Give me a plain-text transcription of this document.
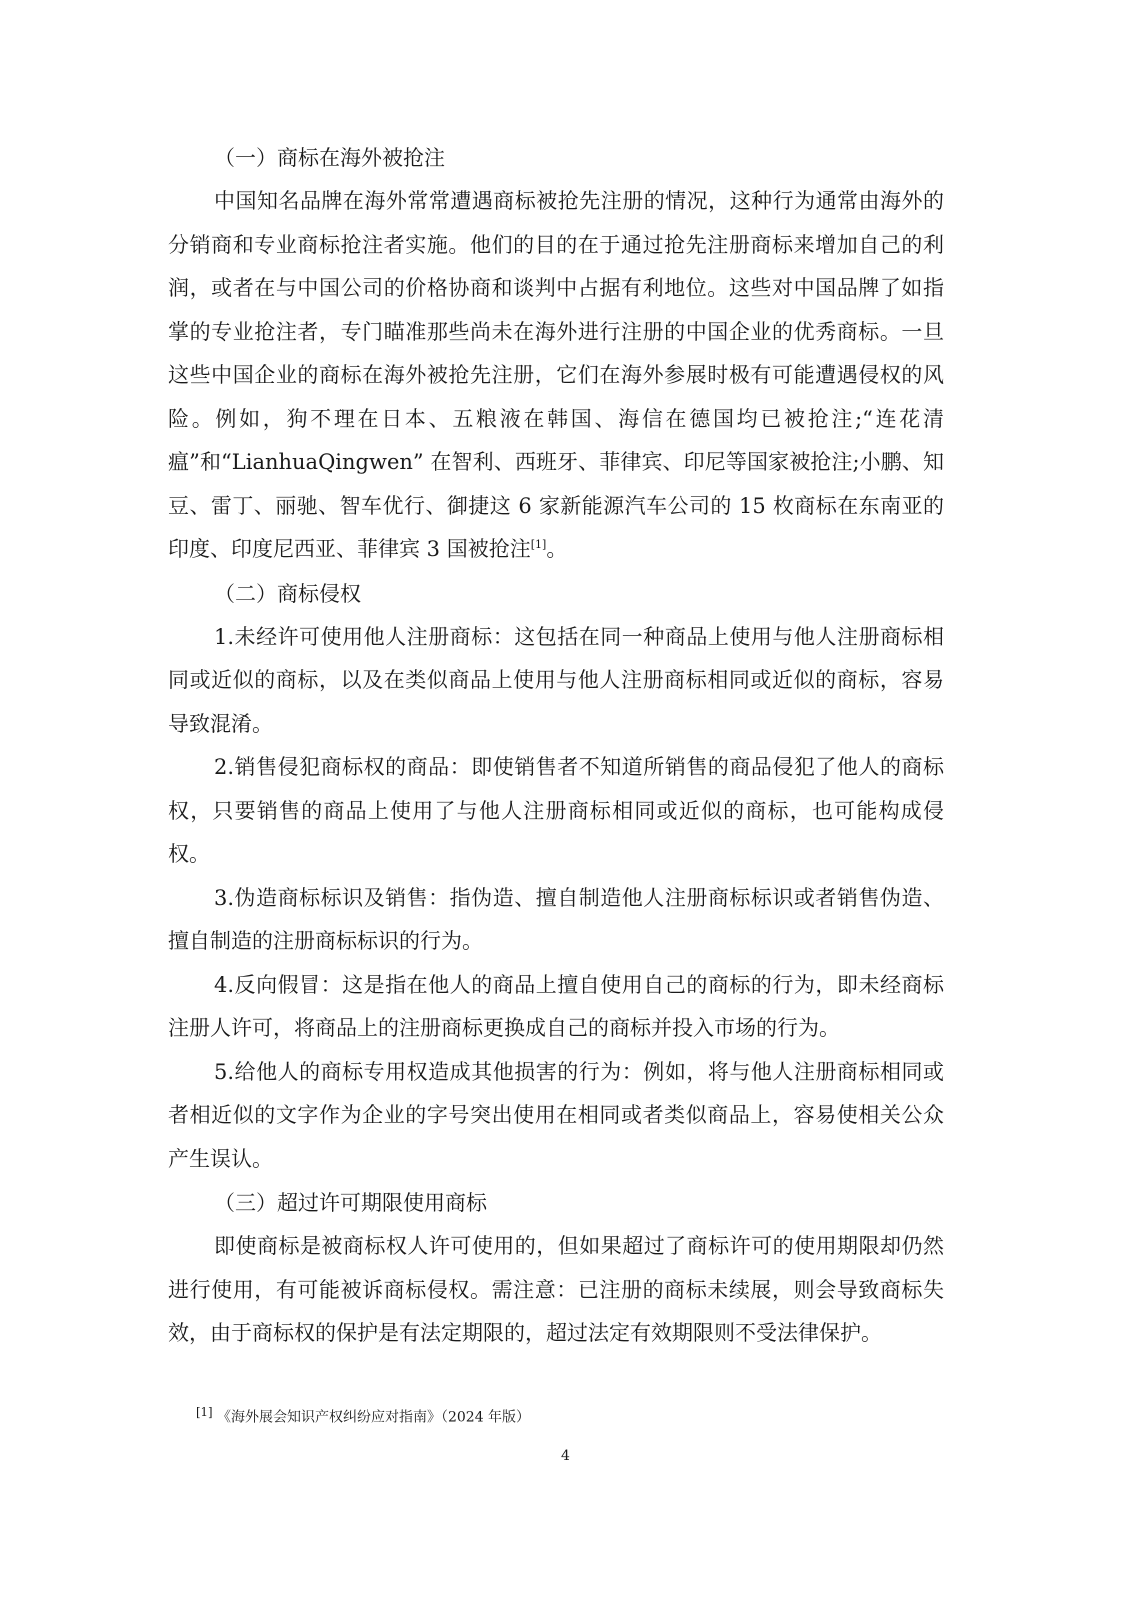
（一）商标在海外被抢注

中国知名品牌在海外常常遭遇商标被抢先注册的情况，这种行为通常由海外的分销商和专业商标抢注者实施。他们的目的在于通过抢先注册商标来增加自己的利润，或者在与中国公司的价格协商和谈判中占据有利地位。这些对中国品牌了如指掌的专业抢注者，专门瞄准那些尚未在海外进行注册的中国企业的优秀商标。一旦这些中国企业的商标在海外被抢先注册，它们在海外参展时极有可能遭遇侵权的风险。例如，狗不理在日本、五粮液在韩国、海信在德国均已被抢注;“连花清瘟”和“LianhuaQingwen” 在智利、西班牙、菲律宾、印尼等国家被抢注;小鹏、知豆、雷丁、丽驰、智车优行、御捷这 6 家新能源汽车公司的 15 枚商标在东南亚的印度、印度尼西亚、菲律宾 3 国被抢注[1]。

（二）商标侵权

1.未经许可使用他人注册商标：这包括在同一种商品上使用与他人注册商标相同或近似的商标，以及在类似商品上使用与他人注册商标相同或近似的商标，容易导致混淆。

2.销售侵犯商标权的商品：即使销售者不知道所销售的商品侵犯了他人的商标权，只要销售的商品上使用了与他人注册商标相同或近似的商标，也可能构成侵权。

3.伪造商标标识及销售：指伪造、擅自制造他人注册商标标识或者销售伪造、擅自制造的注册商标标识的行为。

4.反向假冒：这是指在他人的商品上擅自使用自己的商标的行为，即未经商标注册人许可，将商品上的注册商标更换成自己的商标并投入市场的行为。

5.给他人的商标专用权造成其他损害的行为：例如，将与他人注册商标相同或者相近似的文字作为企业的字号突出使用在相同或者类似商品上，容易使相关公众产生误认。

（三）超过许可期限使用商标

即使商标是被商标权人许可使用的，但如果超过了商标许可的使用期限却仍然进行使用，有可能被诉商标侵权。需注意：已注册的商标未续展，则会导致商标失效，由于商标权的保护是有法定期限的，超过法定有效期限则不受法律保护。

[1] 《海外展会知识产权纠纷应对指南》（2024 年版）
4
